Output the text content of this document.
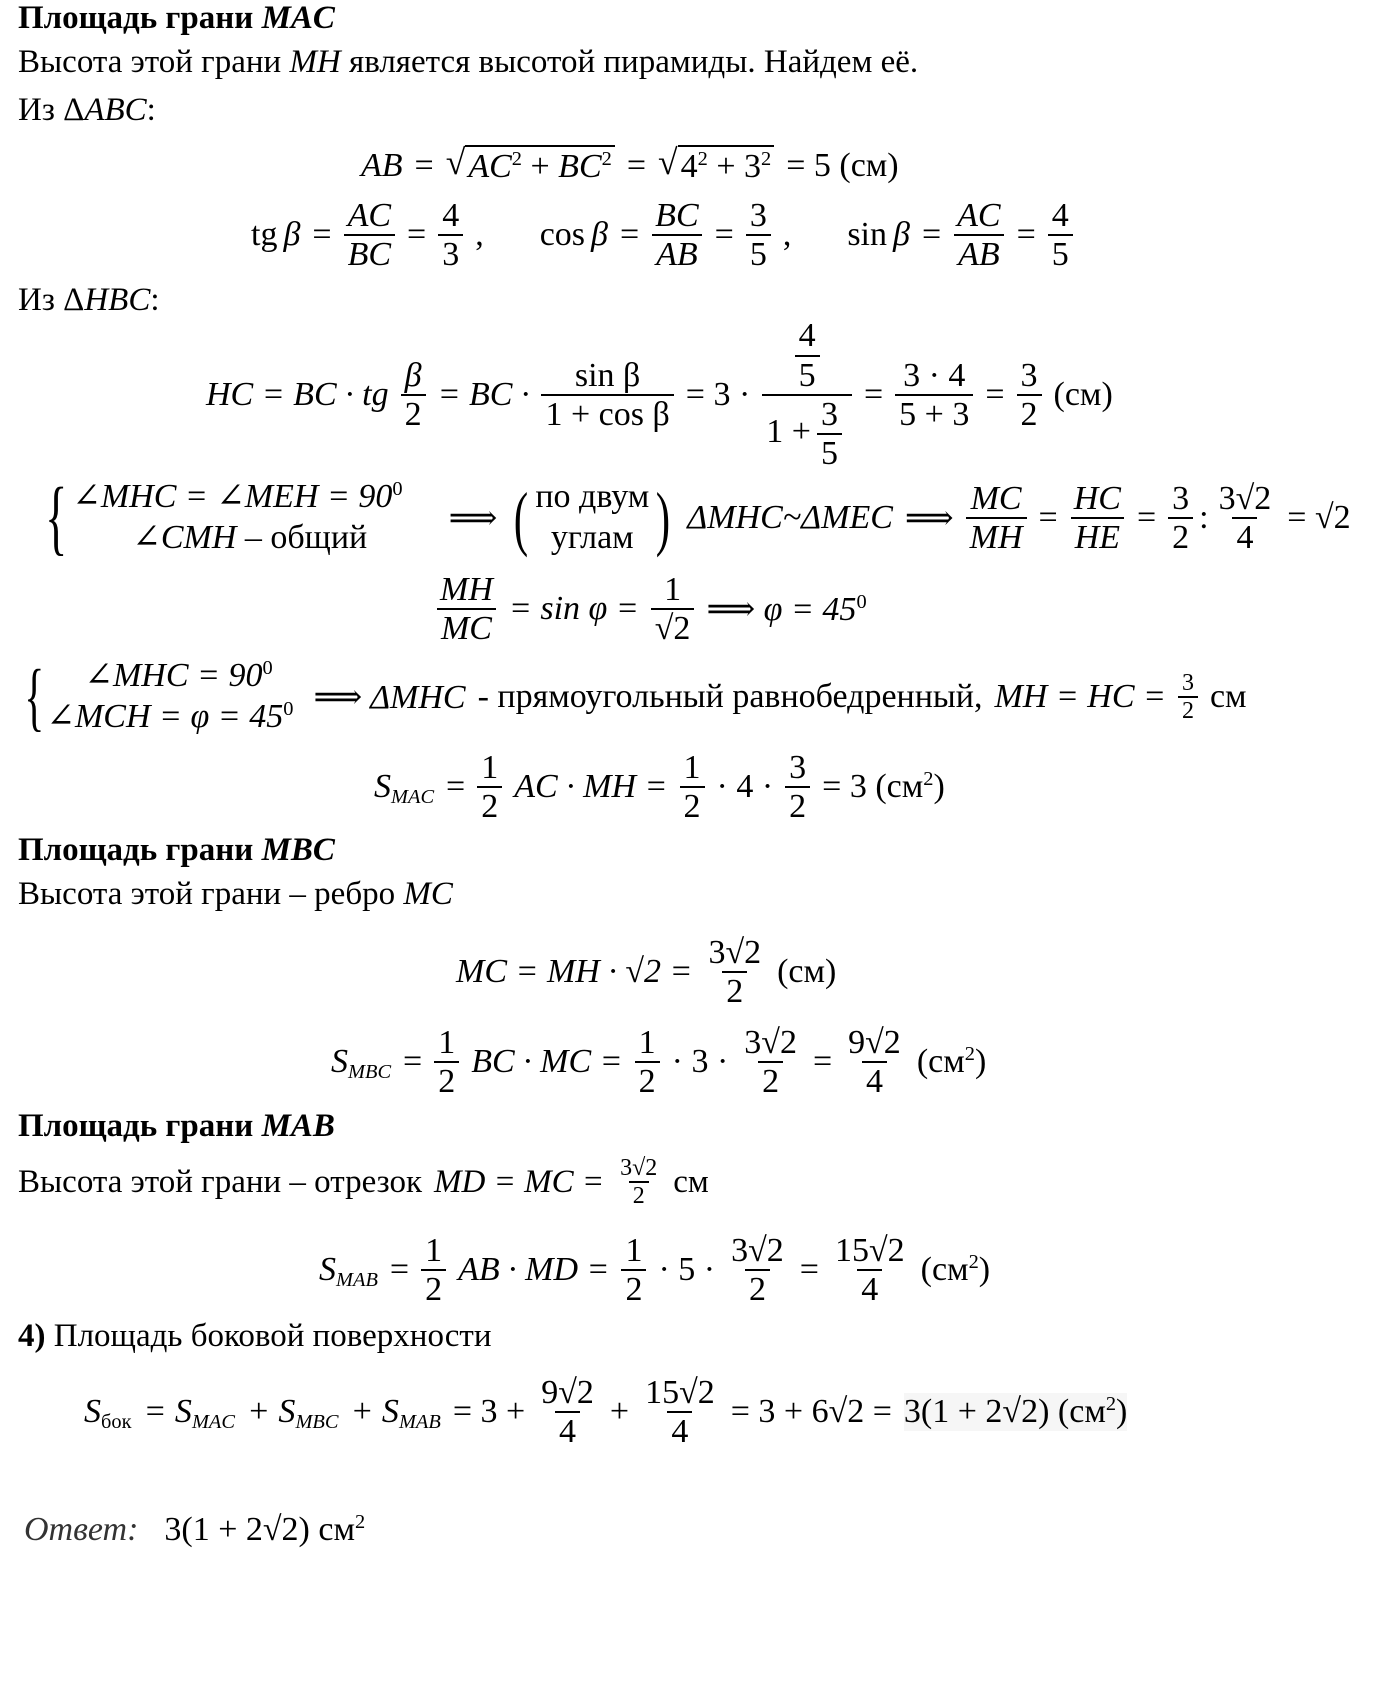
Площадь грани MAC
Высота этой грани MH является высотой пирамиды. Найдем её.
Из ΔABC:
AB = √ $AC^2 + BC^2$ = √ $4^2 + 3^2 = 5$ (см)
tg $\beta = \frac{AC}{BC} = \frac{4}{3}$ , $\cos \beta = \frac{BC}{AB} = \frac{3}{5}$ , $\sin \beta = \frac{AC}{AB} = \frac{4}{5}$
Из ΔHBC:
HC = BC · tg $\frac{\beta}{2}$ = BC · $\frac{\text{sin β}}{\text{1 + cos β}} = 3 \cdot \frac{\frac{4}{5}}{1 + \frac{3}{5}} = \frac{3 \cdot 4}{5 + 3} = \frac{3}{2} (см)$
{ ∠MHC = ∠MEH = $90^0$
∠CMH – общий
⟹ ( по двум
углам ) ΔMHC~ΔMEC ⟹ $\frac{MC}{MH} = \frac{HC}{HE} = \frac{3}{2}$ : $\frac{3√2}{4} = √2$
$\frac{MH}{MC} = \sin \varphi = \frac{1}{√2}$ ⟹ $\varphi = 45^0$
{	∠MHC = $90^0$
∠MCH = $\varphi = 45^0$ ⟹ ΔMHC - прямоугольный равнобедренный, MH = HC = $\frac{3}{2}$ см
$S_{MAC} = \frac{1}{2}$ AC · MH = $\frac{1}{2} \cdot 4 \cdot \frac{3}{2} = 3$ $(см^2)$
Площадь грани MBC
Высота этой грани – ребро MC
MC = MH · $√2 = \frac{3√2}{2} (см)$
$S_{MBC} = \frac{1}{2}$ BC · MC = $\frac{1}{2} \cdot 3 \cdot \frac{3√2}{2} = \frac{9√2}{4} (см^2)$
Площадь грани MAB
Высота этой грани – отрезок MD = MC = $\frac{3√2}{2}$ см
$S_{MAB} = \frac{1}{2}$ AB · MD = $\frac{1}{2} \cdot 5 \cdot \frac{3√2}{2} = \frac{15√2}{4} (см^2)$
4) Площадь боковой поверхности
$S_{бок} = S_{MAC} + S_{MBC} + S_{MAB} = 3 + \frac{9√2}{4} + \frac{15√2}{4} = 3 + 6√2 = 3(1 + 2√2)$ $(см^2)$
Ответ: 3(1 + 2√2) $см^2$
